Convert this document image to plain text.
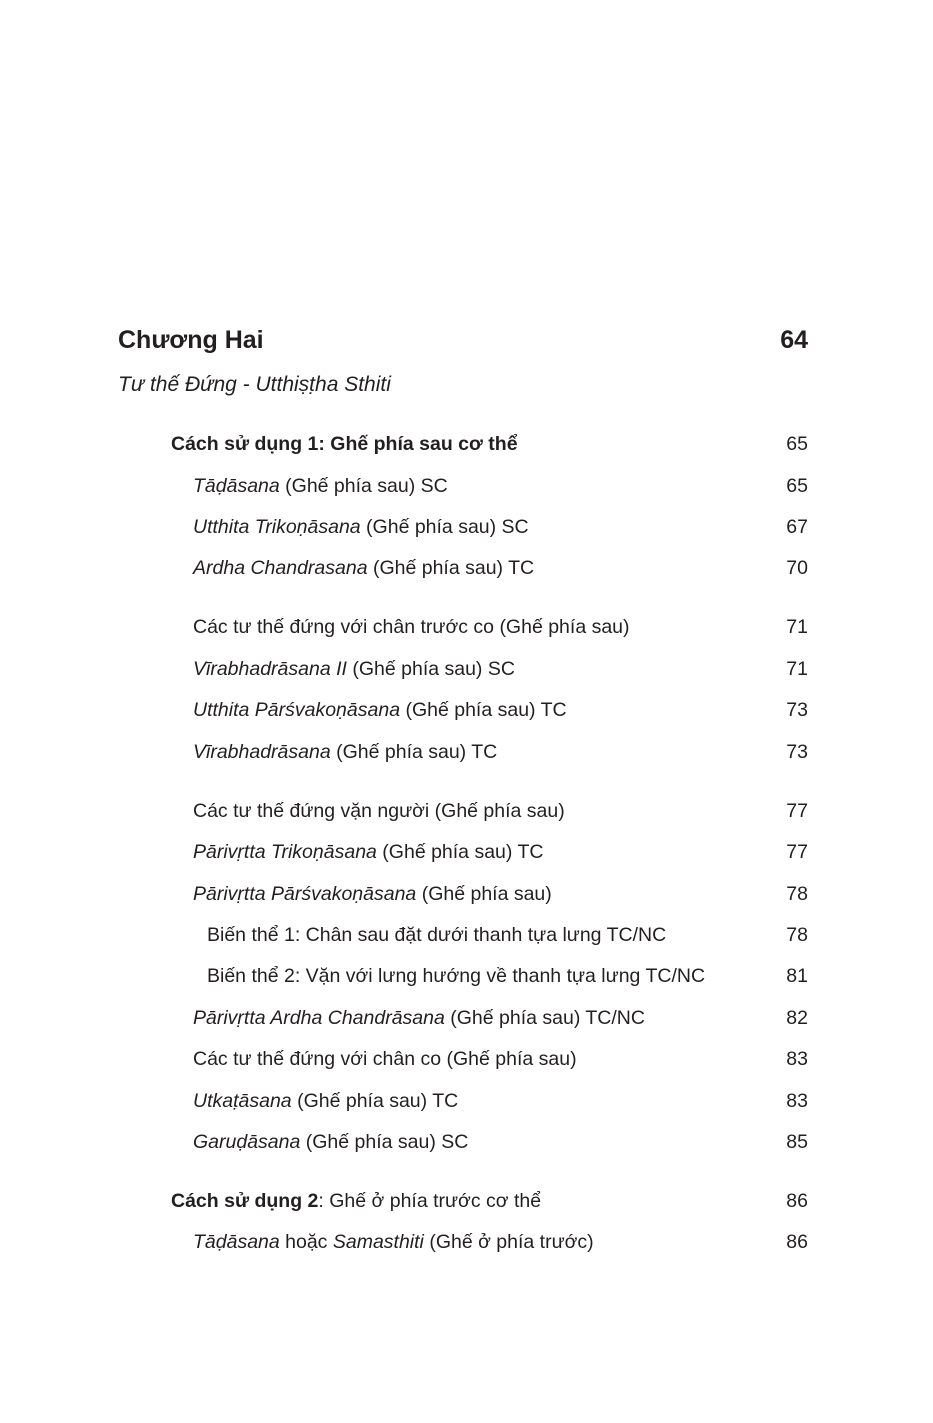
Chương Hai	64
Tư thế Đứng - Utthiṣṭha Sthiti
Cách sử dụng 1: Ghế phía sau cơ thể	65
Tāḍāsana (Ghế phía sau) SC	65
Utthita Trikoṇāsana (Ghế phía sau) SC	67
Ardha Chandrasana (Ghế phía sau) TC	70
Các tư thế đứng với chân trước co (Ghế phía sau)	71
Vīrabhadrāsana II (Ghế phía sau) SC	71
Utthita Pārśvakoṇāsana (Ghế phía sau) TC	73
Vīrabhadrāsana (Ghế phía sau) TC	73
Các tư thế đứng vặn người (Ghế phía sau)	77
Pārivṛtta Trikoṇāsana (Ghế phía sau) TC	77
Pārivṛtta Pārśvakoṇāsana (Ghế phía sau)	78
Biến thể 1: Chân sau đặt dưới thanh tựa lưng TC/NC	78
Biến thể 2: Vặn với lưng hướng về thanh tựa lưng TC/NC	81
Pārivṛtta Ardha Chandrāsana (Ghế phía sau) TC/NC	82
Các tư thế đứng với chân co (Ghế phía sau)	83
Utkaṭāsana (Ghế phía sau) TC	83
Garuḍāsana (Ghế phía sau) SC	85
Cách sử dụng 2: Ghế ở phía trước cơ thể	86
Tāḍāsana hoặc Samasthiti (Ghế ở phía trước)	86
